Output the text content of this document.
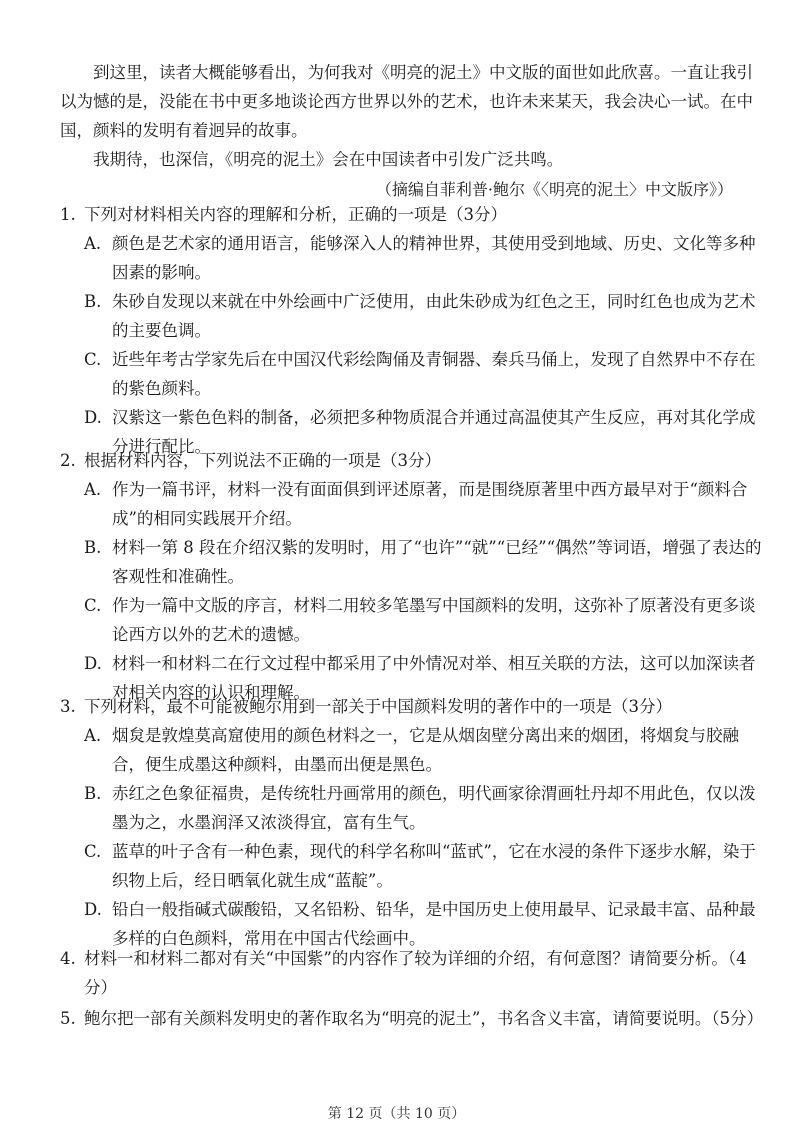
到这里，读者大概能够看出，为何我对《明亮的泥土》中文版的面世如此欣喜。一直让我引以为憾的是，没能在书中更多地谈论西方世界以外的艺术，也许未来某天，我会决心一试。在中国，颜料的发明有着迥异的故事。

我期待，也深信，《明亮的泥土》会在中国读者中引发广泛共鸣。

（摘编自菲利普·鲍尔《〈明亮的泥土〉中文版序》）
1. 下列对材料相关内容的理解和分析，正确的一项是（3分）
A. 颜色是艺术家的通用语言，能够深入人的精神世界，其使用受到地域、历史、文化等多种因素的影响。
B. 朱砂自发现以来就在中外绘画中广泛使用，由此朱砂成为红色之王，同时红色也成为艺术的主要色调。
C. 近些年考古学家先后在中国汉代彩绘陶俑及青铜器、秦兵马俑上，发现了自然界中不存在的紫色颜料。
D. 汉紫这一紫色色料的制备，必须把多种物质混合并通过高温使其产生反应，再对其化学成分进行配比。
2. 根据材料内容，下列说法不正确的一项是（3分）
A. 作为一篇书评，材料一没有面面俱到评述原著，而是围绕原著里中西方最早对于“颜料合成”的相同实践展开介绍。
B. 材料一第 8 段在介绍汉紫的发明时，用了“也许”“就”“已经”“偶然”等词语，增强了表达的客观性和准确性。
C. 作为一篇中文版的序言，材料二用较多笔墨写中国颜料的发明，这弥补了原著没有更多谈论西方以外的艺术的遗憾。
D. 材料一和材料二在行文过程中都采用了中外情况对举、相互关联的方法，这可以加深读者对相关内容的认识和理解。
3. 下列材料，最不可能被鲍尔用到一部关于中国颜料发明的著作中的一项是（3分）
A. 烟炱是敦煌莫高窟使用的颜色材料之一，它是从烟囱壁分离出来的烟团，将烟炱与胶融合，便生成墨这种颜料，由墨而出便是黑色。
B. 赤红之色象征福贵，是传统牡丹画常用的颜色，明代画家徐渭画牡丹却不用此色，仅以泼墨为之，水墨润泽又浓淡得宜，富有生气。
C. 蓝草的叶子含有一种色素，现代的科学名称叫“蓝甙”，它在水浸的条件下逐步水解，染于织物上后，经日晒氧化就生成“蓝靛”。
D. 铅白一般指碱式碳酸铅，又名铅粉、铅华，是中国历史上使用最早、记录最丰富、品种最多样的白色颜料，常用在中国古代绘画中。
4. 材料一和材料二都对有关“中国紫”的内容作了较为详细的介绍，有何意图？请简要分析。（4分）
5. 鲍尔把一部有关颜料发明史的著作取名为“明亮的泥土”，书名含义丰富，请简要说明。（5分）
第 12 页（共 10 页）
